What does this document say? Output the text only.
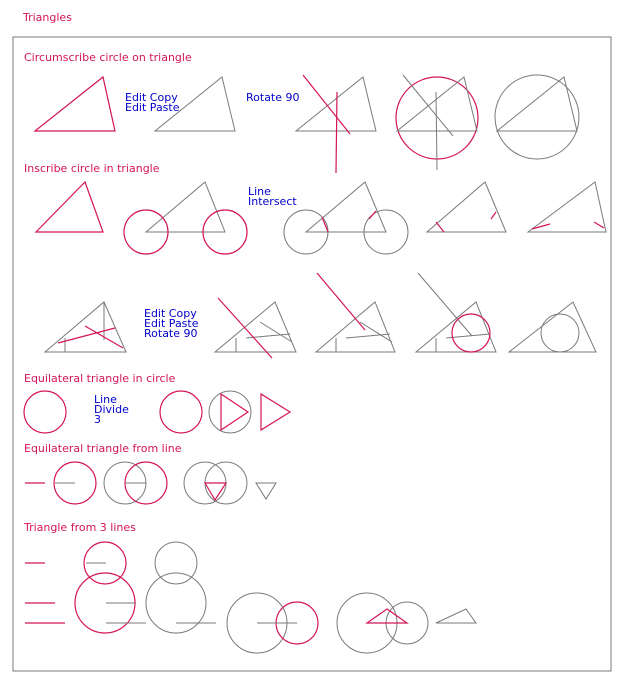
Triangles
Circumscribe circle on triangle
Edit Copy
Edit Paste
Rotate 90
Inscribe circle in triangle
Line
Intersect
Edit Copy
Edit Paste
Rotate 90
Equilateral triangle in circle
Line
Divide
3
Equilateral triangle from line
Triangle from 3 lines
